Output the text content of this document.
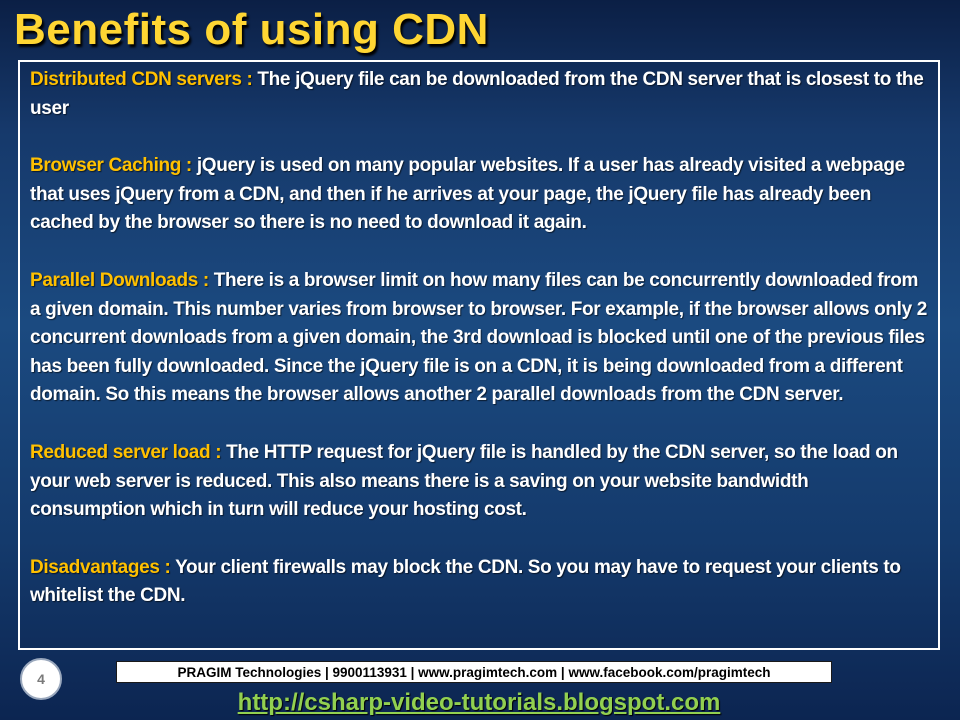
Benefits of using CDN

Distributed CDN servers : The jQuery file can be downloaded from the CDN server that is closest to the user

Browser Caching : jQuery is used on many popular websites. If a user has already visited a webpage that uses jQuery from a CDN, and then if he arrives at your page, the jQuery file has already been cached by the browser so there is no need to download it again.

Parallel Downloads : There is a browser limit on how many files can be concurrently downloaded from a given domain. This number varies from browser to browser. For example, if the browser allows only 2 concurrent downloads from a given domain, the 3rd download is blocked until one of the previous files has been fully downloaded. Since the jQuery file is on a CDN, it is being downloaded from a different domain. So this means the browser allows another 2 parallel downloads from the CDN server.

Reduced server load : The HTTP request for jQuery file is handled by the CDN server, so the load on your web server is reduced. This also means there is a saving on your website bandwidth consumption which in turn will reduce your hosting cost.

Disadvantages : Your client firewalls may block the CDN. So you may have to request your clients to whitelist the CDN.

4	PRAGIM Technologies | 9900113931 | www.pragimtech.com | www.facebook.com/pragimtech
http://csharp-video-tutorials.blogspot.com
